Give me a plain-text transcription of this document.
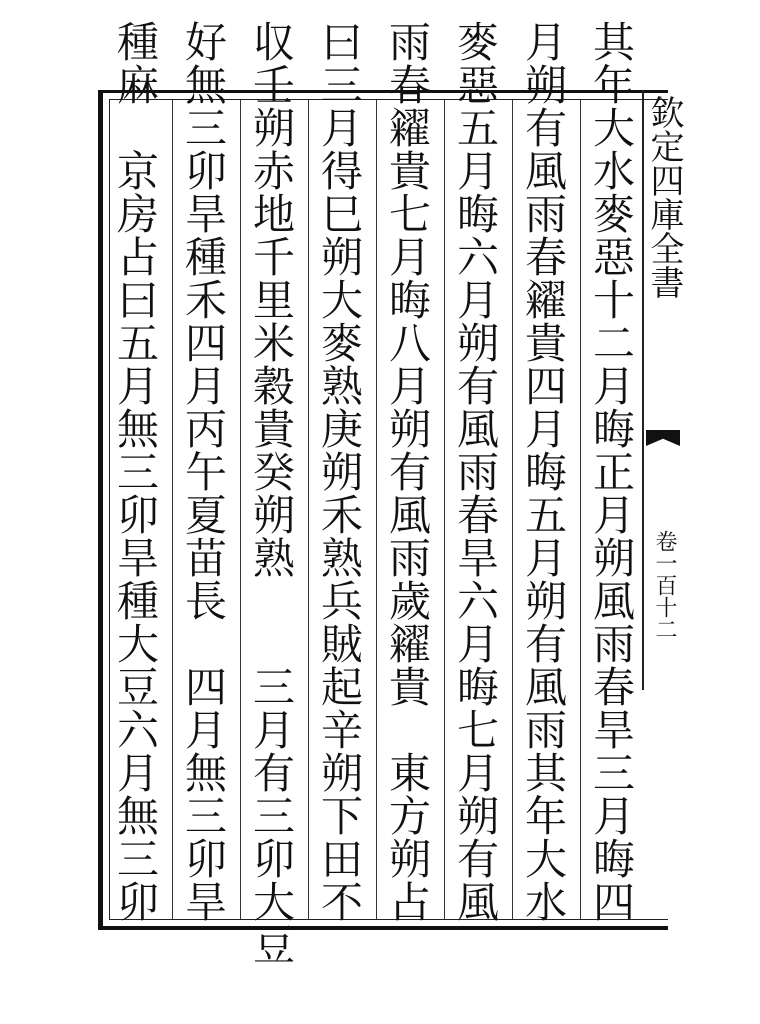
其年大水麥惡十二月晦正月朔風雨春旱三月晦四
月朔有風雨春糴貴四月晦五月朔有風雨其年大水
麥惡五月晦六月朔有風雨春旱六月晦七月朔有風
雨春糴貴七月晦八月朔有風雨歲糴貴　東方朔占
曰三月得巳朔大麥熟庚朔禾熟兵賊起辛朔下田不
収壬朔赤地千里米穀貴癸朔熟　　三月有三卯大豆
好無三卯旱種禾四月丙午夏苗長　四月無三卯旱
種麻　京房占曰五月無三卯旱種大豆六月無三卯	欽定四庫全書
卷一百十二
